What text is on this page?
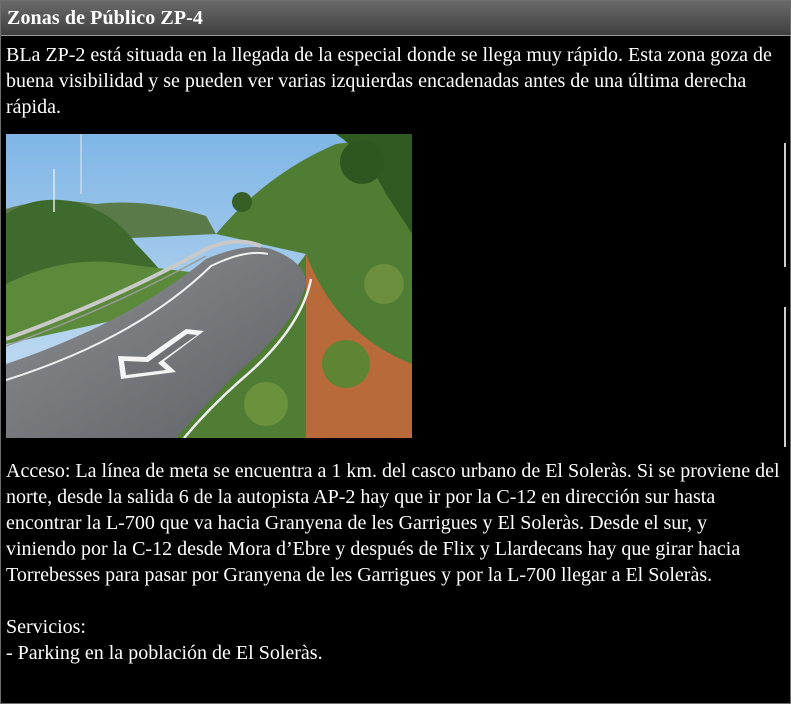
Zonas de Público ZP-4

BLa ZP-2 está situada en la llegada de la especial donde se llega muy rápido. Esta zona goza de buena visibilidad y se pueden ver varias izquierdas encadenadas antes de una última derecha rápida.

Acceso: La línea de meta se encuentra a 1 km. del casco urbano de El Soleràs. Si se proviene del norte, desde la salida 6 de la autopista AP-2 hay que ir por la C-12 en dirección sur hasta encontrar la L-700 que va hacia Granyena de les Garrigues y El Soleràs. Desde el sur, y viniendo por la C-12 desde Mora d’Ebre y después de Flix y Llardecans hay que girar hacia Torrebesses para pasar por Granyena de les Garrigues y por la L-700 llegar a El Soleràs.

Servicios:

- Parking en la población de El Soleràs.
